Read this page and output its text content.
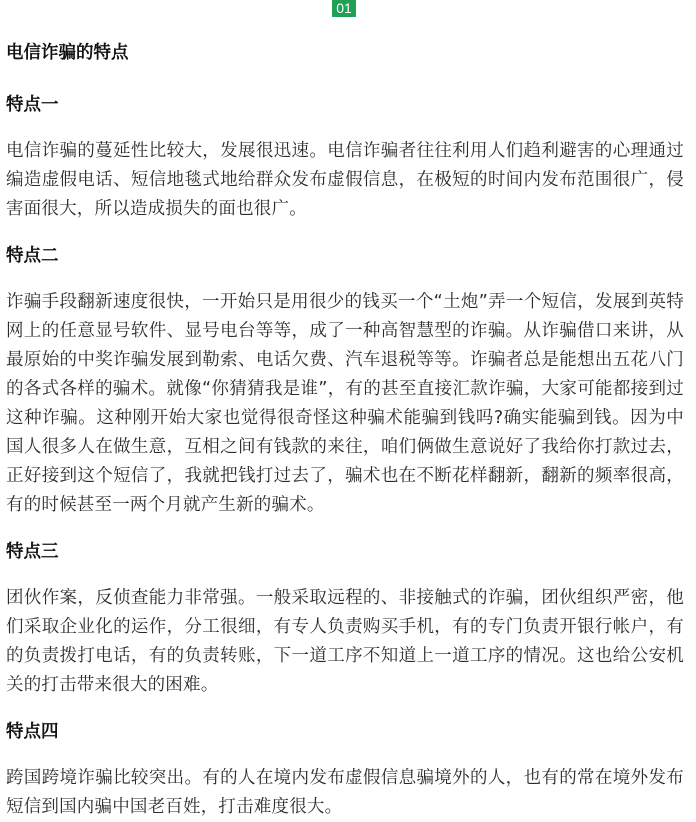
01

电信诈骗的特点

特点一

电信诈骗的蔓延性比较大，发展很迅速。电信诈骗者往往利用人们趋利避害的心理通过编造虚假电话、短信地毯式地给群众发布虚假信息，在极短的时间内发布范围很广，侵害面很大，所以造成损失的面也很广。

特点二

诈骗手段翻新速度很快，一开始只是用很少的钱买一个“土炮”弄一个短信，发展到英特网上的任意显号软件、显号电台等等，成了一种高智慧型的诈骗。从诈骗借口来讲，从最原始的中奖诈骗发展到勒索、电话欠费、汽车退税等等。诈骗者总是能想出五花八门的各式各样的骗术。就像“你猜猜我是谁”，有的甚至直接汇款诈骗，大家可能都接到过这种诈骗。这种刚开始大家也觉得很奇怪这种骗术能骗到钱吗?确实能骗到钱。因为中国人很多人在做生意，互相之间有钱款的来往，咱们俩做生意说好了我给你打款过去，正好接到这个短信了，我就把钱打过去了，骗术也在不断花样翻新，翻新的频率很高，有的时候甚至一两个月就产生新的骗术。

特点三

团伙作案，反侦查能力非常强。一般采取远程的、非接触式的诈骗，团伙组织严密，他们采取企业化的运作，分工很细，有专人负责购买手机，有的专门负责开银行帐户，有的负责拨打电话，有的负责转账，下一道工序不知道上一道工序的情况。这也给公安机关的打击带来很大的困难。

特点四

跨国跨境诈骗比较突出。有的人在境内发布虚假信息骗境外的人，也有的常在境外发布短信到国内骗中国老百姓，打击难度很大。
